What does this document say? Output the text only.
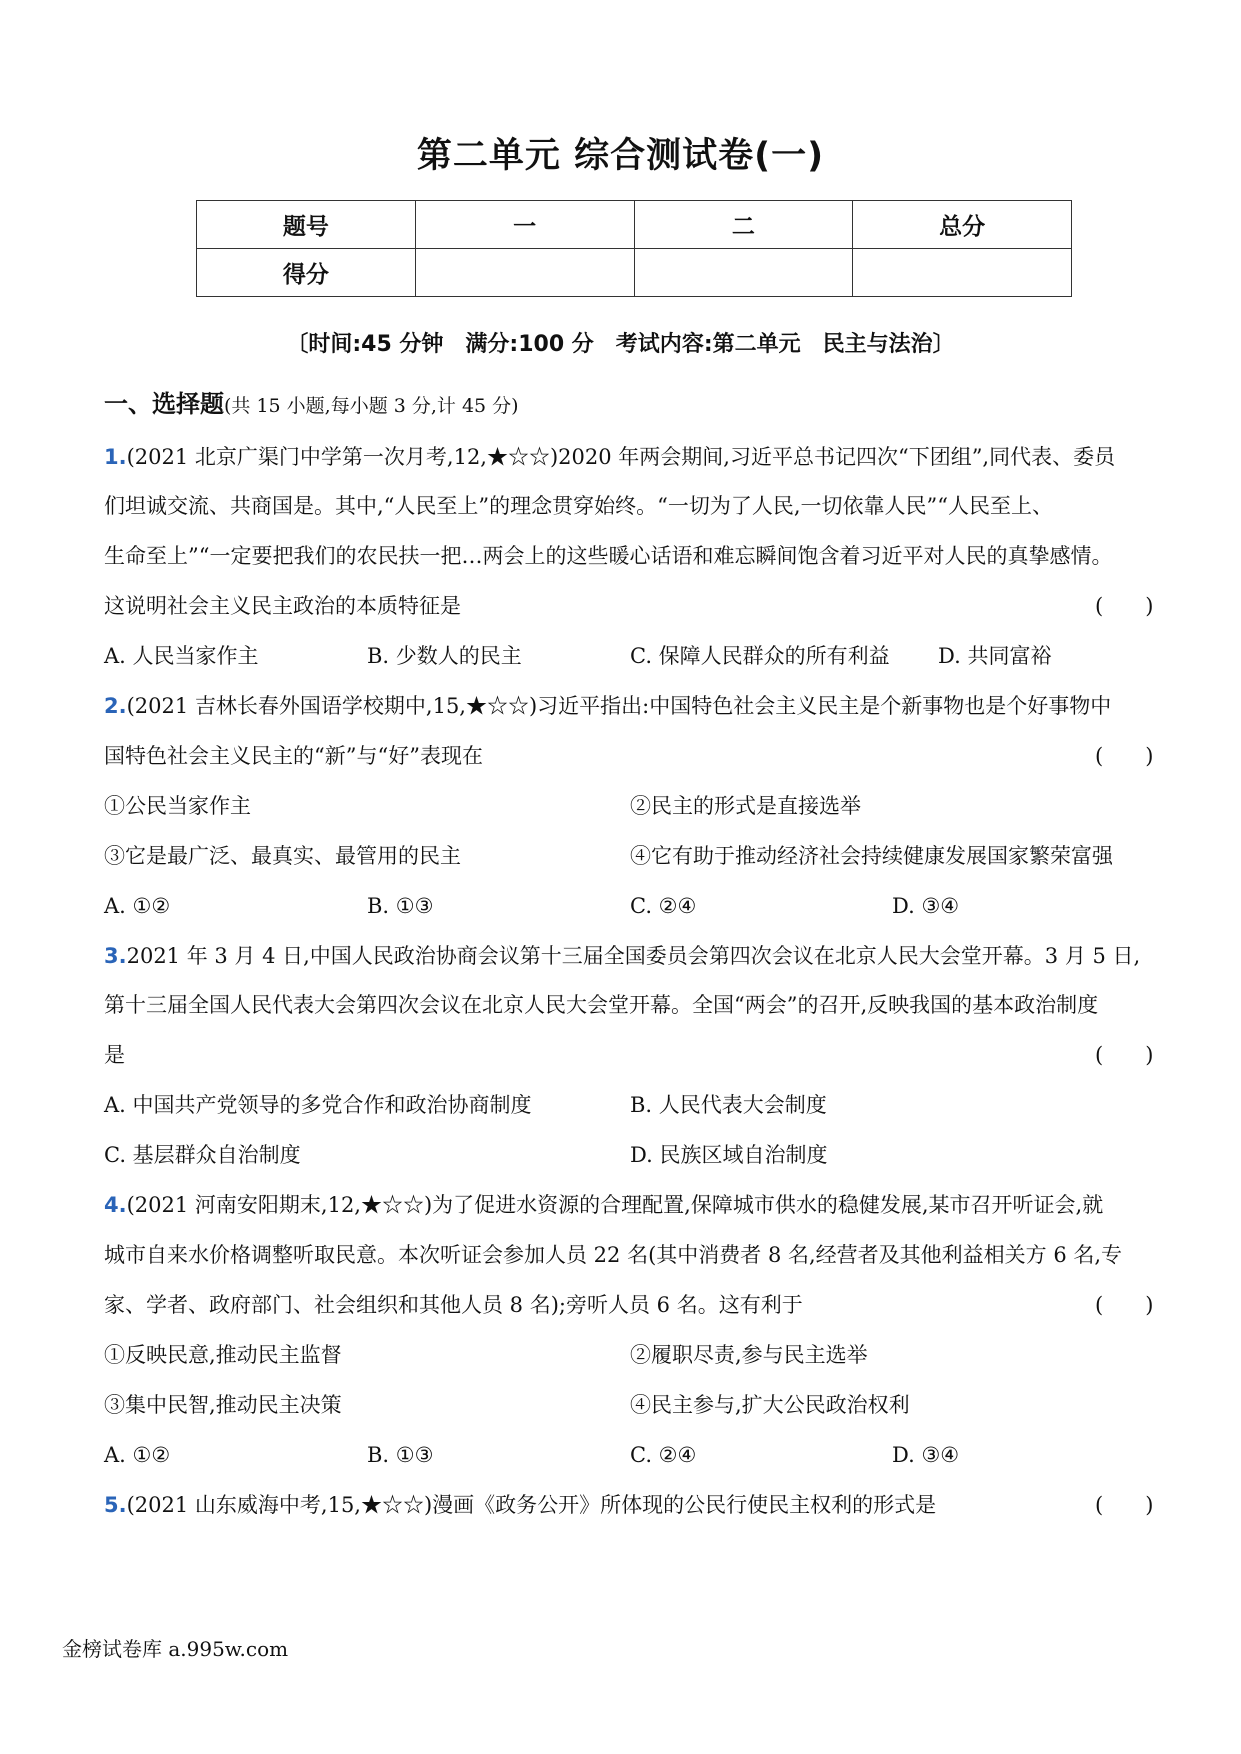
第二单元 综合测试卷(一)
题号	一	二	总分
得分			
〔时间:45 分钟　满分:100 分　考试内容:第二单元　民主与法治〕
一、选择题(共 15 小题,每小题 3 分,计 45 分)
1.(2021 北京广渠门中学第一次月考,12,★☆☆)2020 年两会期间,习近平总书记四次“下团组”,同代表、委员
们坦诚交流、共商国是。其中,“人民至上”的理念贯穿始终。“一切为了人民,一切依靠人民”“人民至上、
生命至上”“一定要把我们的农民扶一把…两会上的这些暖心话语和难忘瞬间饱含着习近平对人民的真挚感情。
这说明社会主义民主政治的本质特征是	(　　)
A. 人民当家作主	B. 少数人的民主	C. 保障人民群众的所有利益 D. 共同富裕
2.(2021 吉林长春外国语学校期中,15,★☆☆)习近平指出:中国特色社会主义民主是个新事物也是个好事物中
国特色社会主义民主的“新”与“好”表现在	(　　)
①公民当家作主	②民主的形式是直接选举
③它是最广泛、最真实、最管用的民主	④它有助于推动经济社会持续健康发展国家繁荣富强
A. ①②	B. ①③	C. ②④	D. ③④
3.2021 年 3 月 4 日,中国人民政治协商会议第十三届全国委员会第四次会议在北京人民大会堂开幕。3 月 5 日,
第十三届全国人民代表大会第四次会议在北京人民大会堂开幕。全国“两会”的召开,反映我国的基本政治制度
是	(　　)
A. 中国共产党领导的多党合作和政治协商制度	B. 人民代表大会制度
C. 基层群众自治制度	D. 民族区域自治制度
4.(2021 河南安阳期末,12,★☆☆)为了促进水资源的合理配置,保障城市供水的稳健发展,某市召开听证会,就
城市自来水价格调整听取民意。本次听证会参加人员 22 名(其中消费者 8 名,经营者及其他利益相关方 6 名,专
家、学者、政府部门、社会组织和其他人员 8 名);旁听人员 6 名。这有利于	(　　)
①反映民意,推动民主监督	②履职尽责,参与民主选举
③集中民智,推动民主决策	④民主参与,扩大公民政治权利
A. ①②	B. ①③	C. ②④	D. ③④
5.(2021 山东威海中考,15,★☆☆)漫画《政务公开》所体现的公民行使民主权利的形式是	(　　)
金榜试卷库 a.995w.com
